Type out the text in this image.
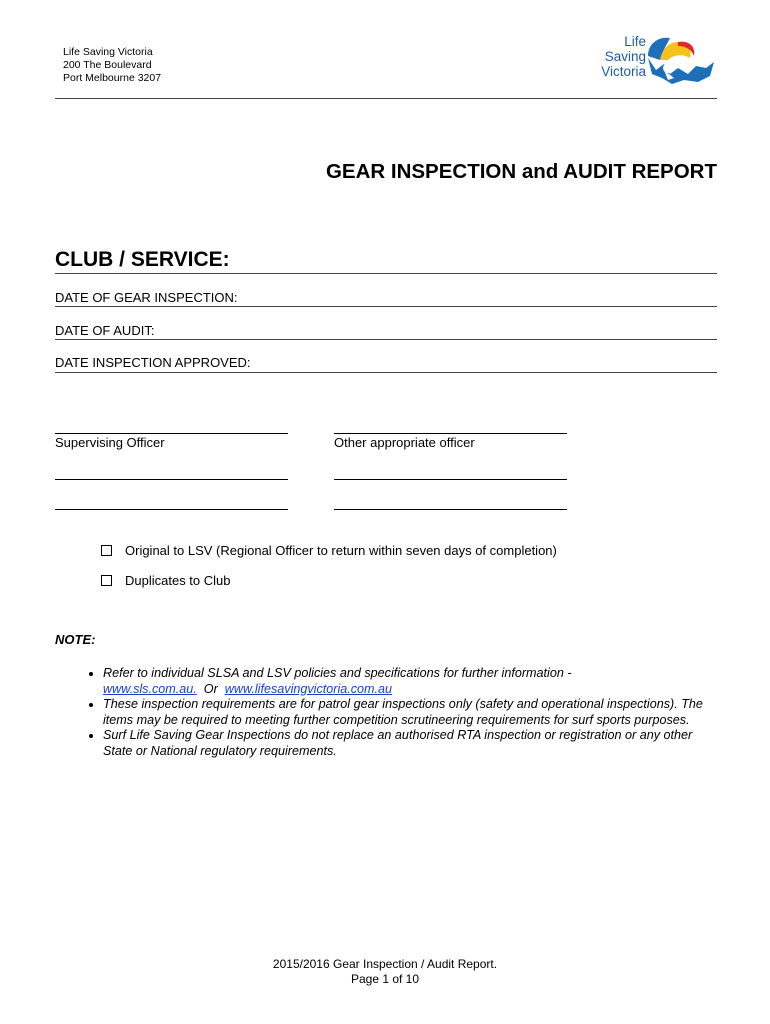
Life Saving Victoria
200 The Boulevard
Port Melbourne 3207
Life
Saving
Victoria
GEAR INSPECTION and AUDIT REPORT
CLUB / SERVICE:
DATE OF GEAR INSPECTION:
DATE OF AUDIT:
DATE INSPECTION APPROVED:
Supervising Officer	Other appropriate officer
Original to LSV (Regional Officer to return within seven days of completion)
Duplicates to Club
NOTE:
• Refer to individual SLSA and LSV policies and specifications for further information -
www.sls.com.au. Or www.lifesavingvictoria.com.au
• These inspection requirements are for patrol gear inspections only (safety and operational inspections). The items may be required to meeting further competition scrutineering requirements for surf sports purposes.
• Surf Life Saving Gear Inspections do not replace an authorised RTA inspection or registration or any other State or National regulatory requirements.
2015/2016 Gear Inspection / Audit Report.
Page 1 of 10
